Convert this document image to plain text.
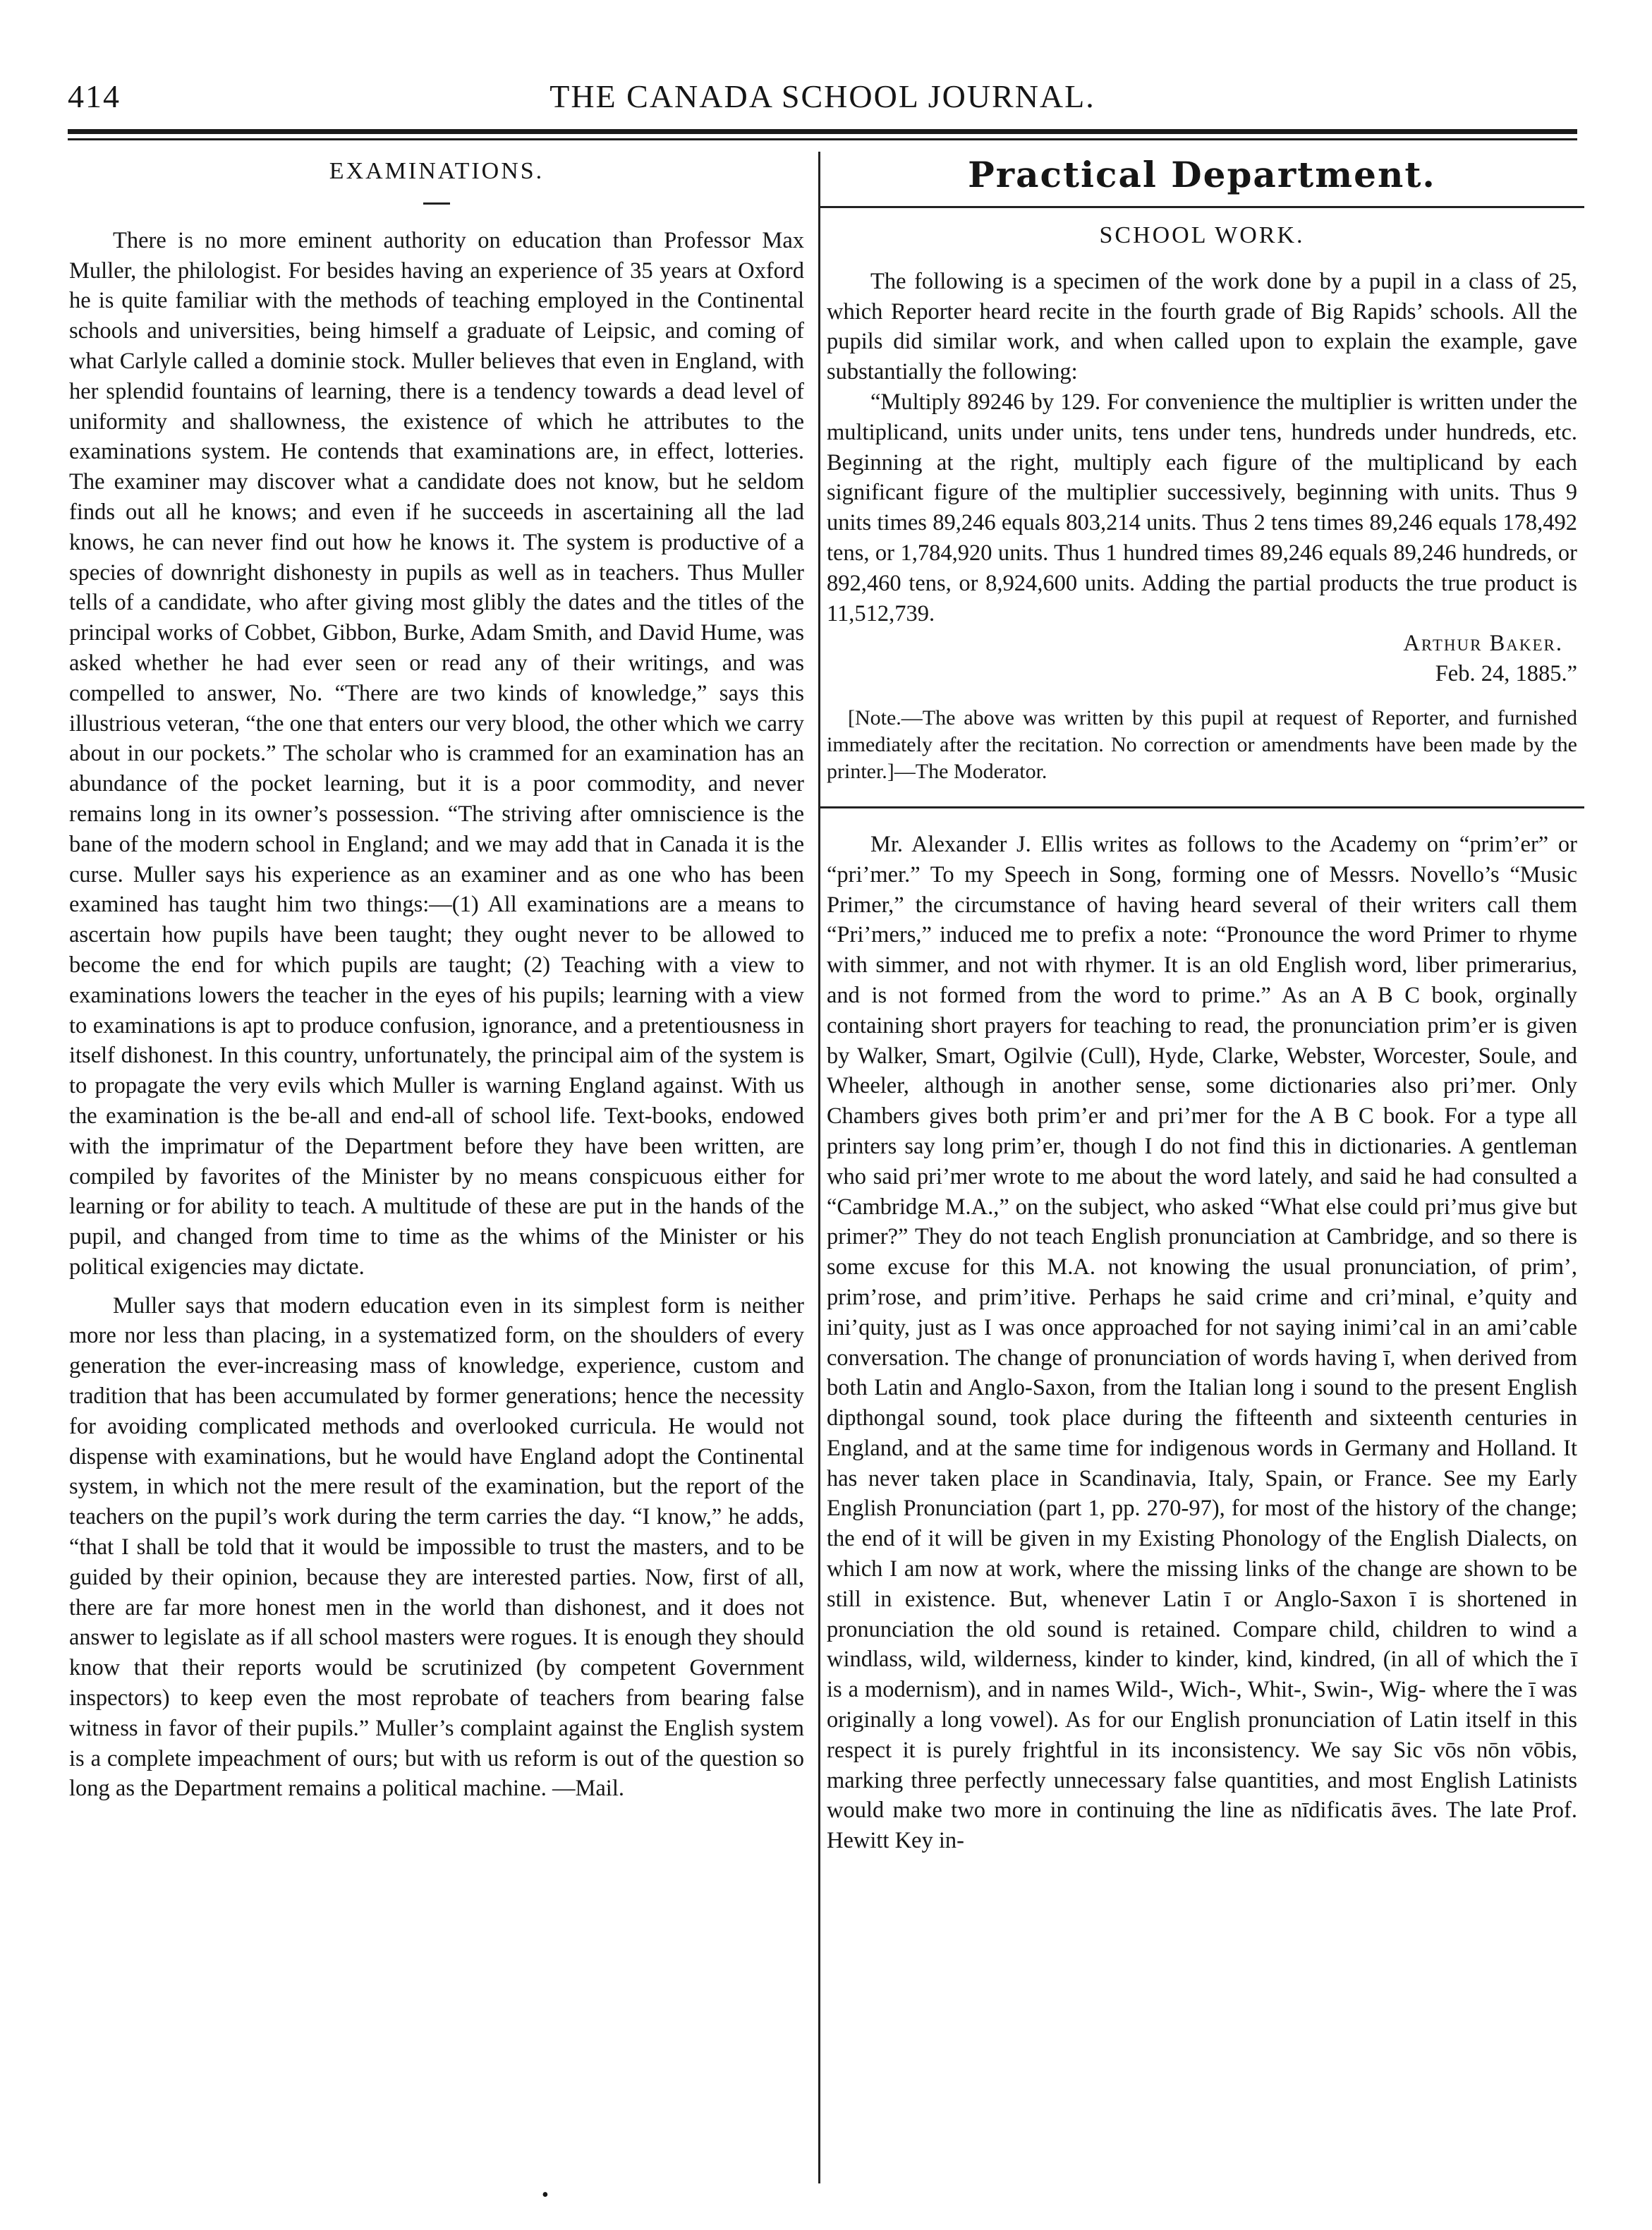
414	THE CANADA SCHOOL JOURNAL.
EXAMINATIONS.

There is no more eminent authority on education than Professor Max Muller, the philologist. For besides having an experience of 35 years at Oxford he is quite familiar with the methods of teaching employed in the Continental schools and universities, being himself a graduate of Leipsic, and coming of what Carlyle called a dominie stock. Muller believes that even in England, with her splendid fountains of learning, there is a tendency towards a dead level of uniformity and shallowness, the existence of which he attributes to the examinations system. He contends that examinations are, in effect, lotteries. The examiner may discover what a candidate does not know, but he seldom finds out all he knows; and even if he succeeds in ascertaining all the lad knows, he can never find out how he knows it. The system is productive of a species of downright dishonesty in pupils as well as in teachers. Thus Muller tells of a candidate, who after giving most glibly the dates and the titles of the principal works of Cobbet, Gibbon, Burke, Adam Smith, and David Hume, was asked whether he had ever seen or read any of their writings, and was compelled to answer, No. “There are two kinds of knowledge,” says this illustrious veteran, “the one that enters our very blood, the other which we carry about in our pockets.” The scholar who is crammed for an examination has an abundance of the pocket learning, but it is a poor commodity, and never remains long in its owner’s possession. “The striving after omniscience is the bane of the modern school in England; and we may add that in Canada it is the curse. Muller says his experience as an examiner and as one who has been examined has taught him two things:—(1) All examinations are a means to ascertain how pupils have been taught; they ought never to be allowed to become the end for which pupils are taught; (2) Teaching with a view to examinations lowers the teacher in the eyes of his pupils; learning with a view to examinations is apt to produce confusion, ignorance, and a pretentiousness in itself dishonest. In this country, unfortunately, the principal aim of the system is to propagate the very evils which Muller is warning England against. With us the examination is the be-all and end-all of school life. Text-books, endowed with the imprimatur of the Department before they have been written, are compiled by favorites of the Minister by no means conspicuous either for learning or for ability to teach. A multitude of these are put in the hands of the pupil, and changed from time to time as the whims of the Minister or his political exigencies may dictate.

Muller says that modern education even in its simplest form is neither more nor less than placing, in a systematized form, on the shoulders of every generation the ever-increasing mass of knowledge, experience, custom and tradition that has been accumulated by former generations; hence the necessity for avoiding complicated methods and overlooked curricula. He would not dispense with examinations, but he would have England adopt the Continental system, in which not the mere result of the examination, but the report of the teachers on the pupil’s work during the term carries the day. “I know,” he adds, “that I shall be told that it would be impossible to trust the masters, and to be guided by their opinion, because they are interested parties. Now, first of all, there are far more honest men in the world than dishonest, and it does not answer to legislate as if all school masters were rogues. It is enough they should know that their reports would be scrutinized (by competent Government inspectors) to keep even the most reprobate of teachers from bearing false witness in favor of their pupils.” Muller’s complaint against the English system is a complete impeachment of ours; but with us reform is out of the question so long as the Department remains a political machine. —Mail.

Practical Department.
SCHOOL WORK.

The following is a specimen of the work done by a pupil in a class of 25, which Reporter heard recite in the fourth grade of Big Rapids’ schools. All the pupils did similar work, and when called upon to explain the example, gave substantially the following:

“Multiply 89246 by 129. For convenience the multiplier is written under the multiplicand, units under units, tens under tens, hundreds under hundreds, etc. Beginning at the right, multiply each figure of the multiplicand by each significant figure of the multiplier successively, beginning with units. Thus 9 units times 89,246 equals 803,214 units. Thus 2 tens times 89,246 equals 178,492 tens, or 1,784,920 units. Thus 1 hundred times 89,246 equals 89,246 hundreds, or 892,460 tens, or 8,924,600 units. Adding the partial products the true product is 11,512,739.

Arthur Baker.
Feb. 24, 1885.”

[Note.—The above was written by this pupil at request of Reporter, and furnished immediately after the recitation. No correction or amendments have been made by the printer.]—The Moderator.

Mr. Alexander J. Ellis writes as follows to the Academy on “prim’er” or “pri’mer.” To my Speech in Song, forming one of Messrs. Novello’s “Music Primer,” the circumstance of having heard several of their writers call them “Pri’mers,” induced me to prefix a note: “Pronounce the word Primer to rhyme with simmer, and not with rhymer. It is an old English word, liber primerarius, and is not formed from the word to prime.” As an A B C book, orginally containing short prayers for teaching to read, the pronunciation prim’er is given by Walker, Smart, Ogilvie (Cull), Hyde, Clarke, Webster, Worcester, Soule, and Wheeler, although in another sense, some dictionaries also pri’mer. Only Chambers gives both prim’er and pri’mer for the A B C book. For a type all printers say long prim’er, though I do not find this in dictionaries. A gentleman who said pri’mer wrote to me about the word lately, and said he had consulted a “Cambridge M.A.,” on the subject, who asked “What else could pri’mus give but primer?” They do not teach English pronunciation at Cambridge, and so there is some excuse for this M.A. not knowing the usual pronunciation, of prim’, prim’rose, and prim’itive. Perhaps he said crime and cri’minal, e’quity and ini’quity, just as I was once approached for not saying inimi’cal in an ami’cable conversation. The change of pronunciation of words having ī, when derived from both Latin and Anglo-Saxon, from the Italian long i sound to the present English dipthongal sound, took place during the fifteenth and sixteenth centuries in England, and at the same time for indigenous words in Germany and Holland. It has never taken place in Scandinavia, Italy, Spain, or France. See my Early English Pronunciation (part 1, pp. 270-97), for most of the history of the change; the end of it will be given in my Existing Phonology of the English Dialects, on which I am now at work, where the missing links of the change are shown to be still in existence. But, whenever Latin ī or Anglo-Saxon ī is shortened in pronunciation the old sound is retained. Compare child, children to wind a windlass, wild, wilderness, kinder to kinder, kind, kindred, (in all of which the ī is a modernism), and in names Wild-, Wich-, Whit-, Swin-, Wig- where the ī was originally a long vowel). As for our English pronunciation of Latin itself in this respect it is purely frightful in its inconsistency. We say Sic vōs nōn vōbis, marking three perfectly unnecessary false quantities, and most English Latinists would make two more in continuing the line as nīdificatis āves. The late Prof. Hewitt Key in-

•
